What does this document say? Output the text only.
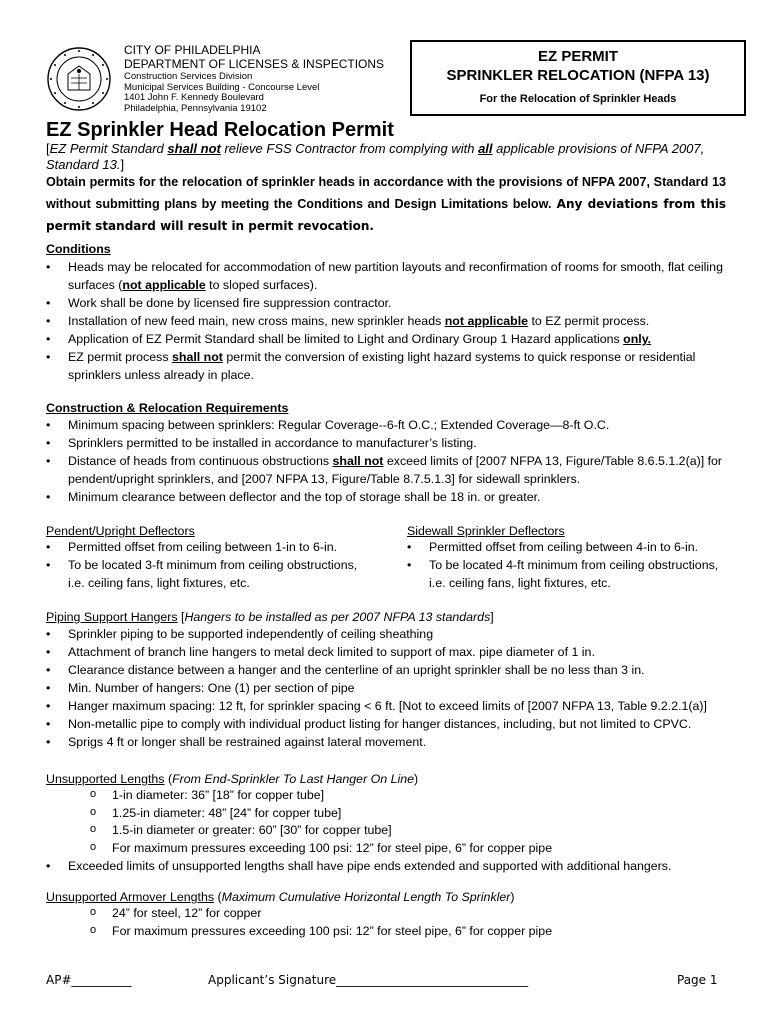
CITY OF PHILADELPHIA
DEPARTMENT OF LICENSES & INSPECTIONS
Construction Services Division
Municipal Services Building - Concourse Level
1401 John F. Kennedy Boulevard
Philadelphia, Pennsylvania 19102
EZ PERMIT
SPRINKLER RELOCATION (NFPA 13)
For the Relocation of Sprinkler Heads
EZ Sprinkler Head Relocation Permit
[EZ Permit Standard shall not relieve FSS Contractor from complying with all applicable provisions of NFPA 2007, Standard 13.]
Obtain permits for the relocation of sprinkler heads in accordance with the provisions of NFPA 2007, Standard 13 without submitting plans by meeting the Conditions and Design Limitations below. Any deviations from this permit standard will result in permit revocation.
Conditions
• Heads may be relocated for accommodation of new partition layouts and reconfirmation of rooms for smooth, flat ceiling surfaces (not applicable to sloped surfaces).
• Work shall be done by licensed fire suppression contractor.
• Installation of new feed main, new cross mains, new sprinkler heads not applicable to EZ permit process.
• Application of EZ Permit Standard shall be limited to Light and Ordinary Group 1 Hazard applications only.
• EZ permit process shall not permit the conversion of existing light hazard systems to quick response or residential sprinklers unless already in place.
Construction & Relocation Requirements
• Minimum spacing between sprinklers: Regular Coverage--6-ft O.C.; Extended Coverage—8-ft O.C.
• Sprinklers permitted to be installed in accordance to manufacturer’s listing.
• Distance of heads from continuous obstructions shall not exceed limits of [2007 NFPA 13, Figure/Table 8.6.5.1.2(a)] for pendent/upright sprinklers, and [2007 NFPA 13, Figure/Table 8.7.5.1.3] for sidewall sprinklers.
• Minimum clearance between deflector and the top of storage shall be 18 in. or greater.
Pendent/Upright Deflectors
• Permitted offset from ceiling between 1-in to 6-in.
• To be located 3-ft minimum from ceiling obstructions, i.e. ceiling fans, light fixtures, etc.
Sidewall Sprinkler Deflectors
• Permitted offset from ceiling between 4-in to 6-in.
• To be located 4-ft minimum from ceiling obstructions, i.e. ceiling fans, light fixtures, etc.
Piping Support Hangers [Hangers to be installed as per 2007 NFPA 13 standards]
• Sprinkler piping to be supported independently of ceiling sheathing
• Attachment of branch line hangers to metal deck limited to support of max. pipe diameter of 1 in.
• Clearance distance between a hanger and the centerline of an upright sprinkler shall be no less than 3 in.
• Min. Number of hangers: One (1) per section of pipe
• Hanger maximum spacing: 12 ft, for sprinkler spacing < 6 ft. [Not to exceed limits of [2007 NFPA 13, Table 9.2.2.1(a)]
• Non-metallic pipe to comply with individual product listing for hanger distances, including, but not limited to CPVC.
• Sprigs 4 ft or longer shall be restrained against lateral movement.
Unsupported Lengths (From End-Sprinkler To Last Hanger On Line)
o 1-in diameter: 36” [18” for copper tube]
o 1.25-in diameter: 48” [24” for copper tube]
o 1.5-in diameter or greater: 60” [30” for copper tube]
o For maximum pressures exceeding 100 psi: 12” for steel pipe, 6” for copper pipe
• Exceeded limits of unsupported lengths shall have pipe ends extended and supported with additional hangers.
Unsupported Armover Lengths (Maximum Cumulative Horizontal Length To Sprinkler)
o 24” for steel, 12” for copper
o For maximum pressures exceeding 100 psi: 12” for steel pipe, 6” for copper pipe
AP#__________	Applicant’s Signature________________________________	Page 1
